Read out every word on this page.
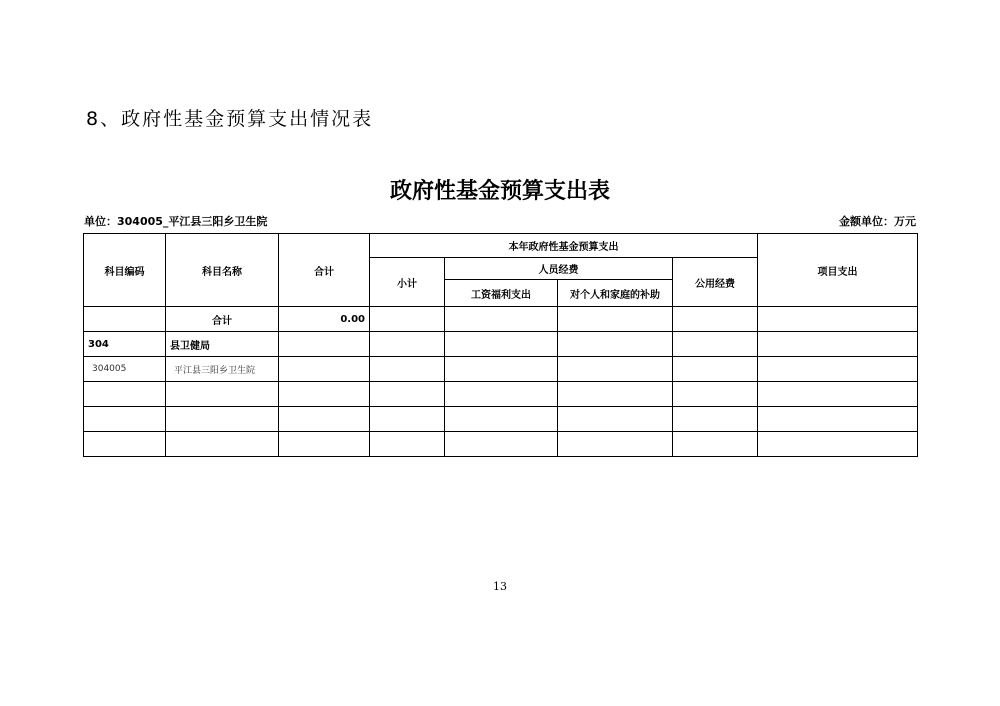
8、政府性基金预算支出情况表
政府性基金预算支出表
单位：304005_平江县三阳乡卫生院	金额单位：万元
科目编码	科目名称	合计	本年政府性基金预算支出				项目支出
			小计	人员经费		公用经费	
				工资福利支出	对个人和家庭的补助		
	合计	0.00					
304	县卫健局						
304005	平江县三阳乡卫生院						

13
